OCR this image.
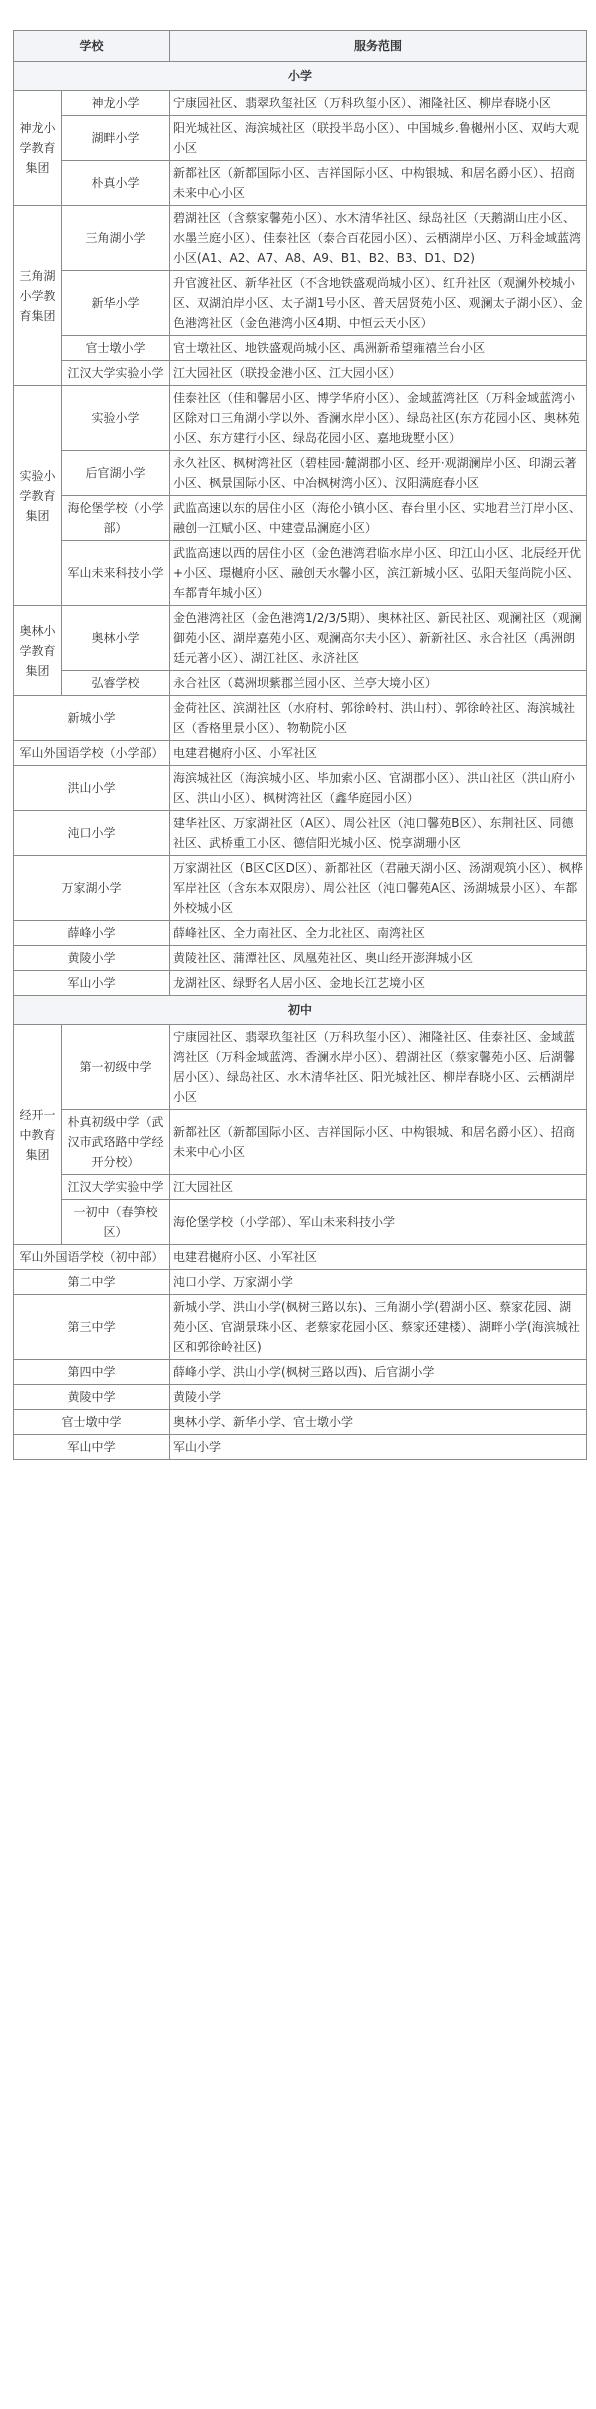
学校		服务范围
小学		
神龙小学教育集团	神龙小学	宁康园社区、翡翠玖玺社区（万科玖玺小区）、湘隆社区、柳岸春晓小区
	湖畔小学	阳光城社区、海滨城社区（联投半岛小区）、中国城乡.鲁樾州小区、双屿大观小区
	朴真小学	新都社区（新都国际小区、吉祥国际小区、中构银城、和居名爵小区）、招商未来中心小区
三角湖小学教育集团	三角湖小学	碧湖社区（含蔡家馨苑小区）、水木清华社区、绿岛社区（天鹅湖山庄小区、水墨兰庭小区）、佳泰社区（泰合百花园小区）、云栖湖岸小区、万科金域蓝湾小区(A1、A2、A7、A8、A9、B1、B2、B3、D1、D2)
	新华小学	升官渡社区、新华社区（不含地铁盛观尚城小区）、红升社区（观澜外校城小区、双湖泊岸小区、太子湖1号小区、普天居贤苑小区、观澜太子湖小区）、金色港湾社区（金色港湾小区4期、中恒云天小区）
	官士墩小学	官士墩社区、地铁盛观尚城小区、禹洲新希望雍禧兰台小区
	江汉大学实验小学	江大园社区（联投金港小区、江大园小区）
实验小学教育集团	实验小学	佳泰社区（佳和馨居小区、博学华府小区）、金域蓝湾社区（万科金域蓝湾小区除对口三角湖小学以外、香澜水岸小区）、绿岛社区(东方花园小区、奥林苑小区、东方建行小区、绿岛花园小区、嘉地珑墅小区）
	后官湖小学	永久社区、枫树湾社区（碧桂园·麓湖郡小区、经开·观湖澜岸小区、印湖云著小区、枫景国际小区、中冶枫树湾小区）、汉阳满庭春小区
	海伦堡学校（小学部）	武监高速以东的居住小区（海伦小镇小区、春台里小区、实地君兰汀岸小区、融创一江赋小区、中建壹品澜庭小区）
	军山未来科技小学	武监高速以西的居住小区（金色港湾君临水岸小区、印江山小区、北辰经开优+小区、璟樾府小区、融创天水馨小区，滨江新城小区、弘阳天玺尚院小区、车都青年城小区）
奥林小学教育集团	奥林小学	金色港湾社区（金色港湾1/2/3/5期）、奥林社区、新民社区、观澜社区（观澜御苑小区、湖岸嘉苑小区、观澜高尔夫小区）、新新社区、永合社区（禹洲朗廷元著小区）、湖江社区、永济社区
	弘睿学校	永合社区（葛洲坝紫郡兰园小区、兰亭大境小区）
新城小学		金荷社区、滨湖社区（水府村、郭徐岭村、洪山村）、郭徐岭社区、海滨城社区（香格里景小区）、物勒院小区
军山外国语学校（小学部）		电建君樾府小区、小军社区
洪山小学		海滨城社区（海滨城小区、毕加索小区、官湖郡小区）、洪山社区（洪山府小区、洪山小区）、枫树湾社区（鑫华庭园小区）
沌口小学		建华社区、万家湖社区（A区）、周公社区（沌口馨苑B区）、东荆社区、同德社区、武桥重工小区、德信阳光城小区、悦享湖珊小区
万家湖小学		万家湖社区（B区C区D区）、新都社区（君融天湖小区、汤湖观筑小区）、枫桦军岸社区（含东本双限房）、周公社区（沌口馨苑A区、汤湖城景小区）、车都外校城小区
薛峰小学		薛峰社区、全力南社区、全力北社区、南湾社区
黄陵小学		黄陵社区、蒲潭社区、凤凰苑社区、奥山经开澎湃城小区
军山小学		龙湖社区、绿野名人居小区、金地长江艺境小区
初中		
经开一中教育集团	第一初级中学	宁康园社区、翡翠玖玺社区（万科玖玺小区）、湘隆社区、佳泰社区、金域蓝湾社区（万科金域蓝湾、香澜水岸小区）、碧湖社区（蔡家馨苑小区、后湖馨居小区）、绿岛社区、水木清华社区、阳光城社区、柳岸春晓小区、云栖湖岸小区
	朴真初级中学（武汉市武珞路中学经开分校）	新都社区（新都国际小区、吉祥国际小区、中构银城、和居名爵小区）、招商未来中心小区
	江汉大学实验中学	江大园社区
	一初中（春笋校区）	海伦堡学校（小学部）、军山未来科技小学
军山外国语学校（初中部）		电建君樾府小区、小军社区
第二中学		沌口小学、万家湖小学
第三中学		新城小学、洪山小学(枫树三路以东)、三角湖小学(碧湖小区、蔡家花园、湖苑小区、官湖景珠小区、老蔡家花园小区、蔡家还建楼）、湖畔小学(海滨城社区和郭徐岭社区)
第四中学		薛峰小学、洪山小学(枫树三路以西)、后官湖小学
黄陵中学		黄陵小学
官士墩中学		奥林小学、新华小学、官士墩小学
军山中学		军山小学
